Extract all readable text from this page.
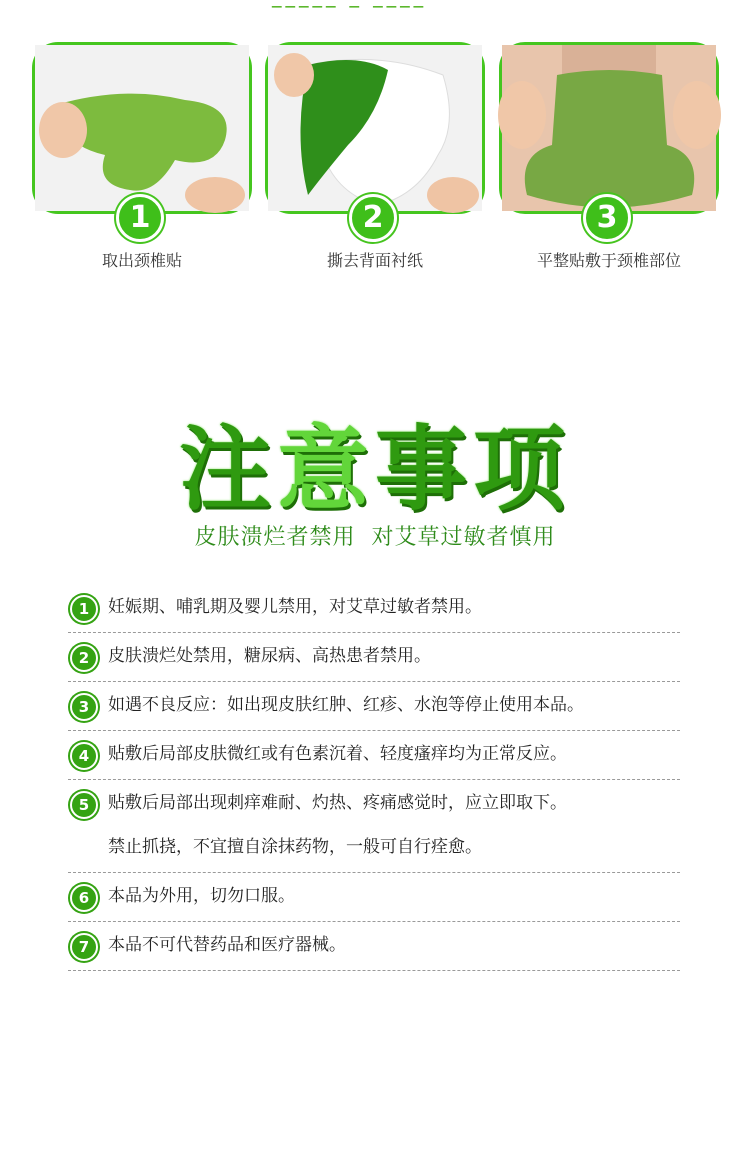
1
取出颈椎贴
2
撕去背面衬纸
3
平整贴敷于颈椎部位
注意事项
皮肤溃烂者禁用  对艾草过敏者慎用
1	妊娠期、哺乳期及婴儿禁用，对艾草过敏者禁用。
2	皮肤溃烂处禁用，糖尿病、高热患者禁用。
3	如遇不良反应：如出现皮肤红肿、红疹、水泡等停止使用本品。
4	贴敷后局部皮肤微红或有色素沉着、轻度瘙痒均为正常反应。
5	贴敷后局部出现刺痒难耐、灼热、疼痛感觉时，应立即取下。
禁止抓挠，不宜擅自涂抹药物，一般可自行痊愈。
6	本品为外用，切勿口服。
7	本品不可代替药品和医疗器械。
